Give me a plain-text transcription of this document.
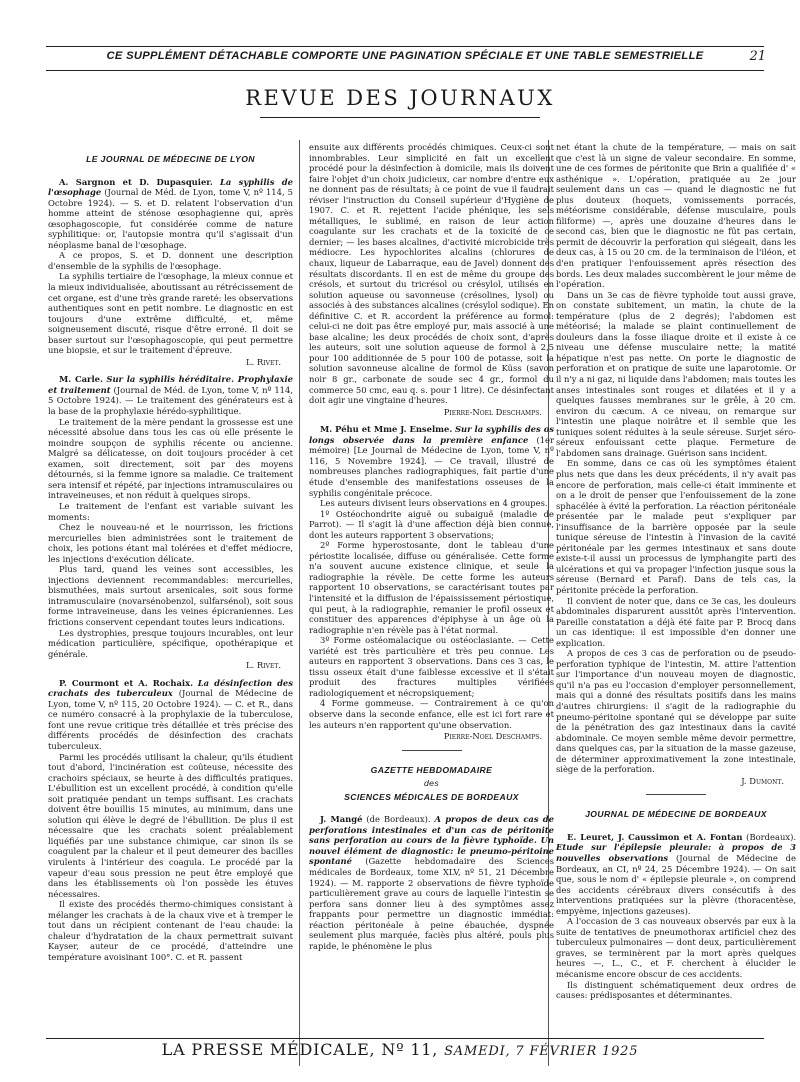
CE SUPPLÉMENT DÉTACHABLE COMPORTE UNE PAGINATION SPÉCIALE ET UNE TABLE SEMESTRIELLE	21
REVUE DES JOURNAUX
LE JOURNAL DE MÉDECINE DE LYON

A. Sargnon et D. Dupasquier. La syphilis de l'œsophage (Journal de Méd. de Lyon, tome V, nº 114, 5 Octobre 1924). — S. et D. relatent l'observation d'un homme atteint de sténose œsophagienne qui, après œsophagoscopie, fut considérée comme de nature syphilitique: or, l'autopsie montra qu'il s'agissait d'un néoplasme banal de l'œsophage.

A ce propos, S. et D. donnent une description d'ensemble de la syphilis de l'œsophage.

La syphilis tertiaire de l'œsophage, la mieux connue et la mieux individualisée, aboutissant au rétrécissement de cet organe, est d'une très grande rareté: les observations authentiques sont en petit nombre. Le diagnostic en est toujours d'une extrême difficulté, et, même soigneusement discuté, risque d'être erroné. Il doit se baser surtout sur l'œsophagoscopie, qui peut permettre une biopsie, et sur le traitement d'épreuve.

L. Rivet.

M. Carle. Sur la syphilis héréditaire. Prophylaxie et traitement (Journal de Méd. de Lyon, tome V, nº 114, 5 Octobre 1924). — Le traitement des générateurs est à la base de la prophylaxie hérédo-syphilitique.

Le traitement de la mère pendant la grossesse est une nécessité absolue dans tous les cas où elle présente le moindre soupçon de syphilis récente ou ancienne. Malgré sa délicatesse, on doit toujours procéder à cet examen, soit directement, soit par des moyens détournés, si la femme ignore sa maladie. Ce traitement sera intensif et répété, par injections intramusculaires ou intraveineuses, et non réduit à quelques sirops.

Le traitement de l'enfant est variable suivant les moments:

Chez le nouveau-né et le nourrisson, les frictions mercurielles bien administrées sont le traitement de choix, les potions étant mal tolérées et d'effet médiocre, les injections d'exécution délicate.

Plus tard, quand les veines sont accessibles, les injections deviennent recommandables: mercurielles, bismuthées, mais surtout arsenicales, soit sous forme intramusculaire (novarsénobenzol, sulfarsénol), soit sous forme intraveineuse, dans les veines épicraniennes. Les frictions conservent cependant toutes leurs indications.

Les dystrophies, presque toujours incurables, ont leur médication particulière, spécifique, opothérapique et générale.

L. Rivet.

P. Courmont et A. Rochaix. La désinfection des crachats des tuberculeux (Journal de Médecine de Lyon, tome V, nº 115, 20 Octobre 1924). — C. et R., dans ce numéro consacré à la prophylaxie de la tuberculose, font une revue critique très détaillée et très précise des différents procédés de désinfection des crachats tuberculeux.

Parmi les procédés utilisant la chaleur, qu'ils étudient tout d'abord, l'incinération est coûteuse, nécessite des crachoirs spéciaux, se heurte à des difficultés pratiques. L'ébullition est un excellent procédé, à condition qu'elle soit pratiquée pendant un temps suffisant. Les crachats doivent être bouillis 15 minutes, au minimum, dans une solution qui élève le degré de l'ébullition. De plus il est nécessaire que les crachats soient préalablement liquéfiés par une substance chimique, car sinon ils se coagulent par la chaleur et il peut demeurer des bacilles virulents à l'intérieur des coagula. Le procédé par la vapeur d'eau sous pression ne peut être employé que dans les établissements où l'on possède les étuves nécessaires.

Il existe des procédés thermo-chimiques consistant à mélanger les crachats à de la chaux vive et à tremper le tout dans un récipient contenant de l'eau chaude: la chaleur d'hydratation de la chaux permettrait suivant Kayser, auteur de ce procédé, d'atteindre une température avoisinant 100°. C. et R. passent

ensuite aux différents procédés chimiques. Ceux-ci sont innombrables. Leur simplicité en fait un excellent procédé pour la désinfection à domicile, mais ils doivent faire l'objet d'un choix judicieux, car nombre d'entre eux ne donnent pas de résultats; à ce point de vue il faudrait réviser l'instruction du Conseil supérieur d'Hygiène de 1907. C. et R. rejettent l'acide phénique, les sels métalliques, le sublimé, en raison de leur action coagulante sur les crachats et de la toxicité de ce dernier; — les bases alcalines, d'activité microbicide très médiocre. Les hypochlorites alcalins (chlorures de chaux, liqueur de Labarraque, eau de Javel) donnent des résultats discordants. Il en est de même du groupe des crésols, et surtout du tricrésol ou crésylol, utilisés en solution aqueuse ou savonneuse (crésolines, lysol) ou associés à des substances alcalines (crésylol sodique). En définitive C. et R. accordent la préférence au formol: celui-ci ne doit pas être employé pur, mais associé à une base alcaline; les deux procédés de choix sont, d'après les auteurs, soit une solution aqueuse de formol à 2,5 pour 100 additionnée de 5 pour 100 de potasse, soit la solution savonneuse alcaline de formol de Küss (savon noir 8 gr., carbonate de soude sec 4 gr., formol du commerce 50 cmc, eau q. s. pour 1 litre). Ce désinfectant doit agir une vingtaine d'heures.

Pierre-Noel Deschamps.

M. Péhu et Mme J. Enselme. Sur la syphilis des os longs observée dans la première enfance (1er mémoire) [Le Journal de Médecine de Lyon, tome V, nº 116, 5 Novembre 1924]. — Ce travail, illustré de nombreuses planches radiographiques, fait partie d'une étude d'ensemble des manifestations osseuses de la syphilis congénitale précoce.

Les auteurs divisent leurs observations en 4 groupes.

1º Ostéochondrite aiguë ou subaiguë (maladie de Parrot). — Il s'agit là d'une affection déjà bien connue, dont les auteurs rapportent 3 observations;

2º Forme hyperostosante, dont le tableau d'une périostite localisée, diffuse ou généralisée. Cette forme n'a souvent aucune existence clinique, et seule la radiographie la révèle. De cette forme les auteurs rapportent 10 observations, se caractérisant toutes par l'intensité et la diffusion de l'épaississement périostique, qui peut, à la radiographie, remanier le profil osseux et constituer des apparences d'épiphyse à un âge où la radiographie n'en révèle pas à l'état normal.

3º Forme ostéomalacique ou ostéoclasiante. — Cette variété est très particulière et très peu connue. Les auteurs en rapportent 3 observations. Dans ces 3 cas, le tissu osseux était d'une faiblesse excessive et il s'était produit des fractures multiples vérifiées radiologiquement et nécropsiquement;

4 Forme gommeuse. — Contrairement à ce qu'on observe dans la seconde enfance, elle est ici fort rare et les auteurs n'en rapportent qu'une observation.

Pierre-Noel Deschamps.
GAZETTE HEBDOMADAIRE
des
SCIENCES MÉDICALES DE BORDEAUX

J. Mangé (de Bordeaux). A propos de deux cas de perforations intestinales et d'un cas de péritonite sans perforation au cours de la fièvre typhoïde. Un nouvel élément de diagnostic: le pneumo-péritoine spontané (Gazette hebdomadaire des Sciences médicales de Bordeaux, tome XLV, nº 51, 21 Décembre 1924). — M. rapporte 2 observations de fièvre typhoïde particulièrement grave au cours de laquelle l'intestin se perfora sans donner lieu à des symptômes assez frappants pour permettre un diagnostic immédiat: réaction péritonéale à peine ébauchée, dyspnée seulement plus marquée, faciès plus altéré, pouls plus rapide, le phénomène le plus

net étant la chute de la température, — mais on sait que c'est là un signe de valeur secondaire. En somme, une de ces formes de péritonite que Brin a qualifiée d' « asthénique ». L'opération, pratiquée au 2e jour seulement dans un cas — quand le diagnostic ne fut plus douteux (hoquets, vomissements porracés, météorisme considérable, défense musculaire, pouls filiforme) —, après une douzaine d'heures dans le second cas, bien que le diagnostic ne fût pas certain, permit de découvrir la perforation qui siégeait, dans les deux cas, à 15 ou 20 cm. de la terminaison de l'iléon, et d'en pratiquer l'enfouissement après résection des bords. Les deux malades succombèrent le jour même de l'opération.

Dans un 3e cas de fièvre typhoïde tout aussi grave, on constate subitement, un matin, la chute de la température (plus de 2 degrés); l'abdomen est météorisé; la malade se plaint continuellement de douleurs dans la fosse iliaque droite et il existe à ce niveau une défense musculaire nette; la matité hépatique n'est pas nette. On porte le diagnostic de perforation et on pratique de suite une laparotomie. Or il n'y a ni gaz, ni liquide dans l'abdomen; mais toutes les anses intestinales sont rouges et dilatées et il y a quelques fausses membranes sur le grêle, à 20 cm. environ du cæcum. A ce niveau, on remarque sur l'intestin une plaque noirâtre et il semble que les tuniques soient réduites à la seule séreuse. Surjet séro-séreux enfouissant cette plaque. Fermeture de l'abdomen sans drainage. Guérison sans incident.

En somme, dans ce cas où les symptômes étaient plus nets que dans les deux précédents, il n'y avait pas encore de perforation, mais celle-ci était imminente et on a le droit de penser que l'enfouissement de la zone sphacélée à évité la perforation. La réaction péritonéale présentée par le malade peut s'expliquer par l'insuffisance de la barrière opposée par la seule tunique séreuse de l'intestin à l'invasion de la cavité péritonéale par les germes intestinaux et sans doute existe-t-il aussi un processus de lymphangite parti des ulcérations et qui va propager l'infection jusque sous la séreuse (Bernard et Paraf). Dans de tels cas, la péritonite précède la perforation.

Il convient de noter que, dans ce 3e cas, les douleurs abdominales disparurent aussitôt après l'intervention. Pareille constatation a déjà été faite par P. Brocq dans un cas identique: il est impossible d'en donner une explication.

A propos de ces 3 cas de perforation ou de pseudo-perforation typhique de l'intestin, M. attire l'attention sur l'importance d'un nouveau moyen de diagnostic, qu'il n'a pas eu l'occasion d'employer personnellement, mais qui a donné des résultats positifs dans les mains d'autres chirurgiens: il s'agit de la radiographie du pneumo-péritoine spontané qui se développe par suite de la pénétration des gaz intestinaux dans la cavité abdominale. Ce moyen semble même devoir permettre, dans quelques cas, par la situation de la masse gazeuse, de déterminer approximativement la zone intestinale, siège de la perforation.

J. Dumont.
JOURNAL DE MÉDECINE DE BORDEAUX

E. Leuret, J. Caussimon et A. Fontan (Bordeaux). Etude sur l'épilepsie pleurale: à propos de 3 nouvelles observations (Journal de Médecine de Bordeaux, an CI, nº 24, 25 Décembre 1924). — On sait que, sous le nom d' « épilepsie pleurale », on comprend des accidents cérébraux divers consécutifs à des interventions pratiquées sur la plèvre (thoracentèse, empyème, injections gazeuses).

A l'occasion de 3 cas nouveaux observés par eux à la suite de tentatives de pneumothorax artificiel chez des tuberculeux pulmonaires — dont deux, particulièrement graves, se terminèrent par la mort après quelques heures —, L., C., et F. cherchent à élucider le mécanisme encore obscur de ces accidents.

Ils distinguent schématiquement deux ordres de causes: prédisposantes et déterminantes.

LA PRESSE MÉDICALE, Nº 11, SAMEDI, 7 FÉVRIER 1925
